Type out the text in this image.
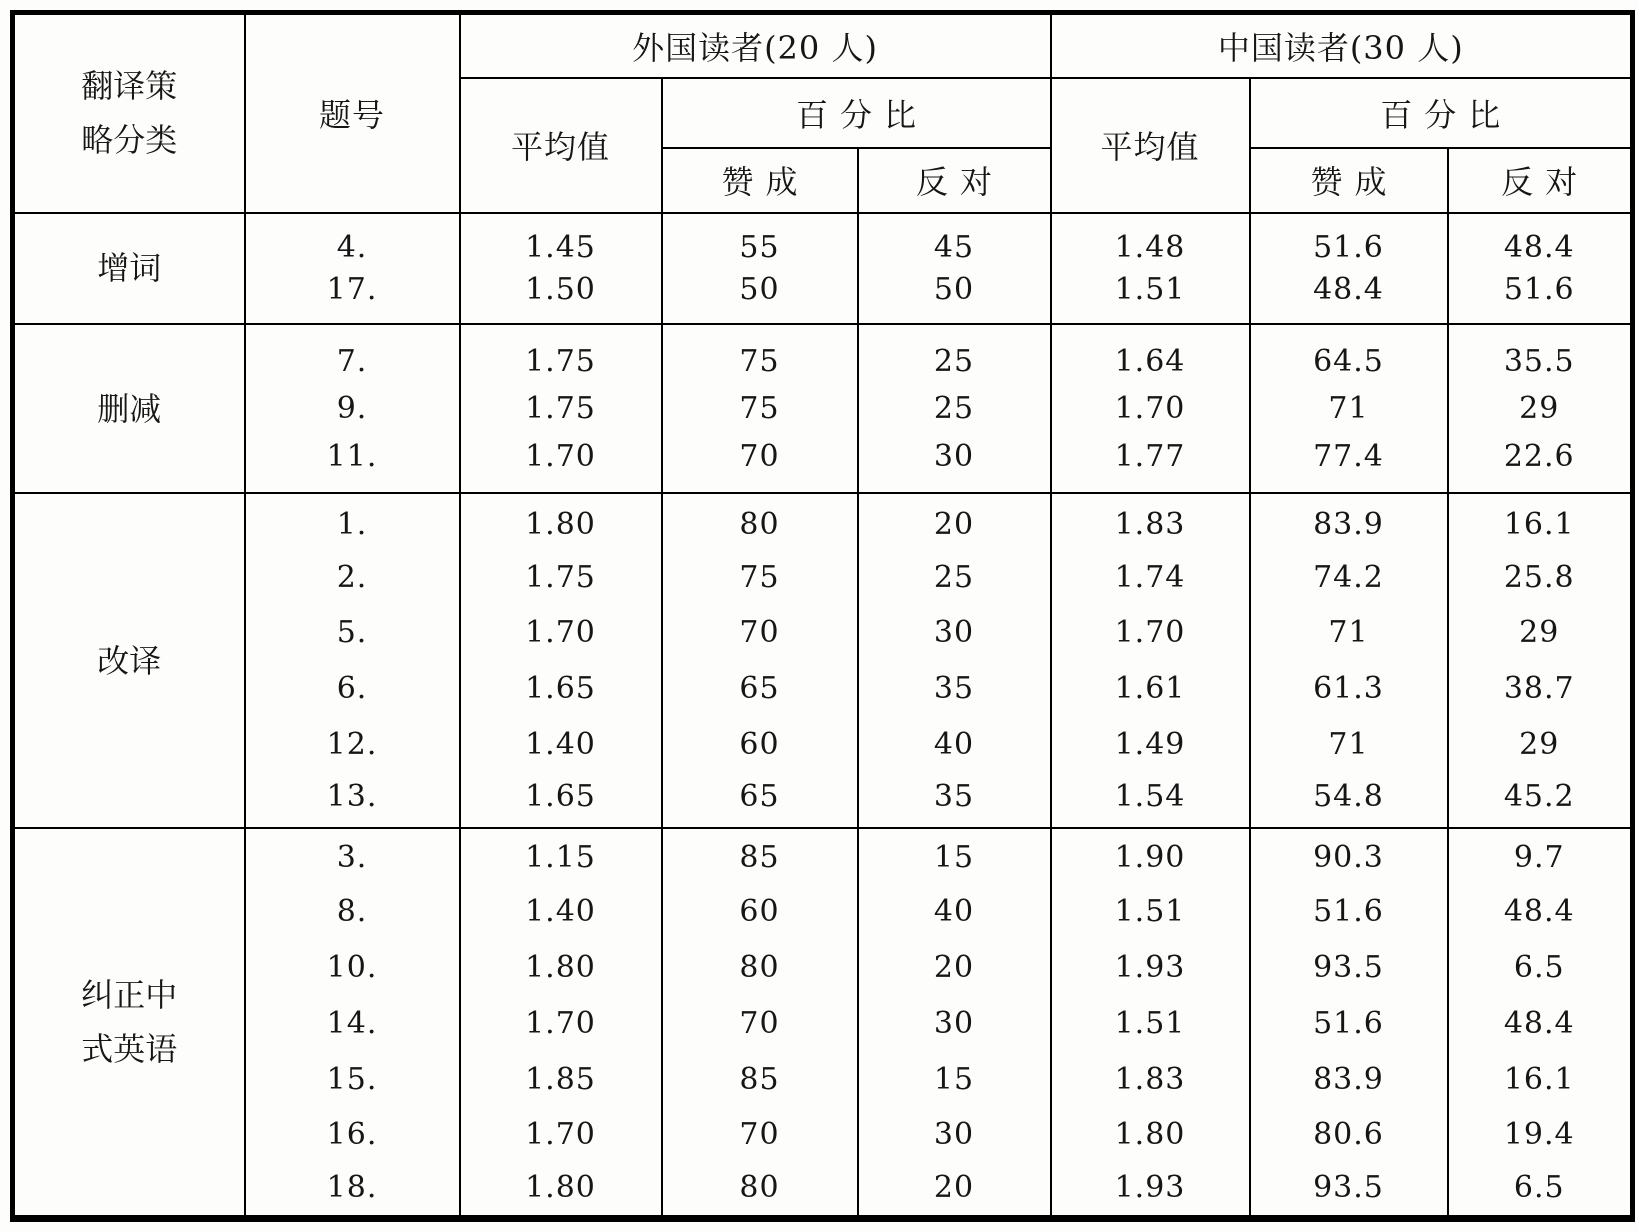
翻译策略分类	题号	外国读者(20 人)			中国读者(30 人)		
		平均值	百分比		平均值	百分比	
			赞成	反对		赞成	反对
增词	4.	1.45	55	45	1.48	51.6	48.4
	17.	1.50	50	50	1.51	48.4	51.6
删减	7.	1.75	75	25	1.64	64.5	35.5
	9.	1.75	75	25	1.70	71	29
	11.	1.70	70	30	1.77	77.4	22.6
改译	1.	1.80	80	20	1.83	83.9	16.1
	2.	1.75	75	25	1.74	74.2	25.8
	5.	1.70	70	30	1.70	71	29
	6.	1.65	65	35	1.61	61.3	38.7
	12.	1.40	60	40	1.49	71	29
	13.	1.65	65	35	1.54	54.8	45.2
纠正中式英语	3.	1.15	85	15	1.90	90.3	9.7
	8.	1.40	60	40	1.51	51.6	48.4
	10.	1.80	80	20	1.93	93.5	6.5
	14.	1.70	70	30	1.51	51.6	48.4
	15.	1.85	85	15	1.83	83.9	16.1
	16.	1.70	70	30	1.80	80.6	19.4
	18.	1.80	80	20	1.93	93.5	6.5
